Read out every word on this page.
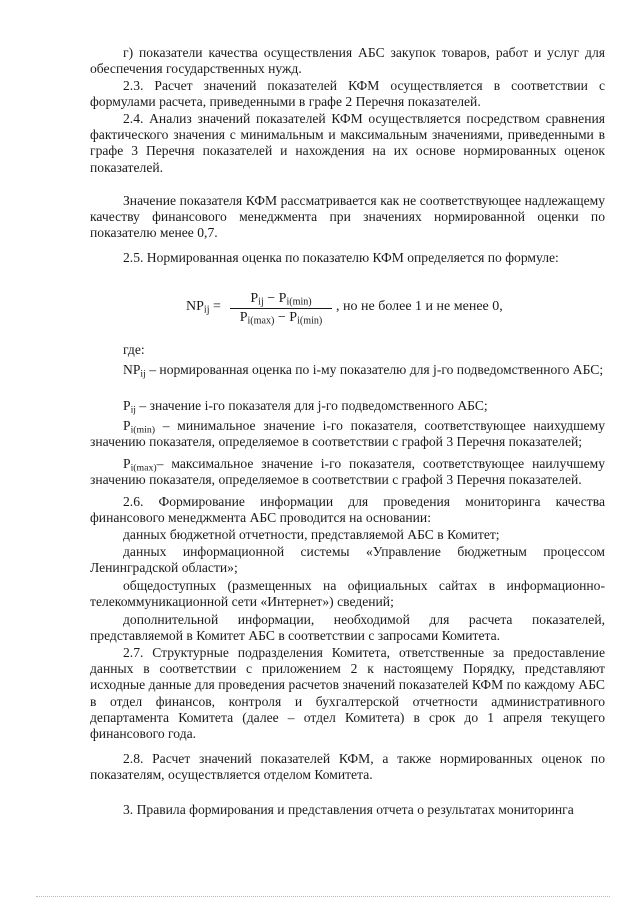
г) показатели качества осуществления АБС закупок товаров, работ и услуг для обеспечения государственных нужд.

2.3. Расчет значений показателей КФМ осуществляется в соответствии с формулами расчета, приведенными в графе 2 Перечня показателей.

2.4. Анализ значений показателей КФМ осуществляется посредством сравнения фактического значения с минимальным и максимальным значениями, приведенными в графе 3 Перечня показателей и нахождения на их основе нормированных оценок показателей.

Значение показателя КФМ рассматривается как не соответствующее надлежащему качеству финансового менеджмента при значениях нормированной оценки по показателю менее 0,7.

2.5. Нормированная оценка по показателю КФМ определяется по формуле:

$NP_{ij}$ =
$P_{ij} - P_{i(min)}$
$P_{i(max)} - P_{i(min)}$
, но не более 1 и не менее 0,

где:

$NP_{ij}$ – нормированная оценка по i-му показателю для j-го подведомственного АБС;

$P_{ij}$ – значение i-го показателя для j-го подведомственного АБС;

$P_{i(min)}$ – минимальное значение i-го показателя, соответствующее наихудшему значению показателя, определяемое в соответствии с графой 3 Перечня показателей;

$P_{i(max)}-$ максимальное значение i-го показателя, соответствующее наилучшему значению показателя, определяемое в соответствии с графой 3 Перечня показателей.

2.6. Формирование информации для проведения мониторинга качества финансового менеджмента АБС проводится на основании:

данных бюджетной отчетности, представляемой АБС в Комитет;

данных информационной системы «Управление бюджетным процессом Ленинградской области»;

общедоступных (размещенных на официальных сайтах в информационно-телекоммуникационной сети «Интернет») сведений;

дополнительной информации, необходимой для расчета показателей, представляемой в Комитет АБС в соответствии с запросами Комитета.

2.7. Структурные подразделения Комитета, ответственные за предоставление данных в соответствии с приложением 2 к настоящему Порядку, представляют исходные данные для проведения расчетов значений показателей КФМ по каждому АБС в отдел финансов, контроля и бухгалтерской отчетности административного департамента Комитета (далее – отдел Комитета) в срок до 1 апреля текущего финансового года.

2.8. Расчет значений показателей КФМ, а также нормированных оценок по показателям, осуществляется отделом Комитета.

3. Правила формирования и представления отчета о результатах мониторинга
